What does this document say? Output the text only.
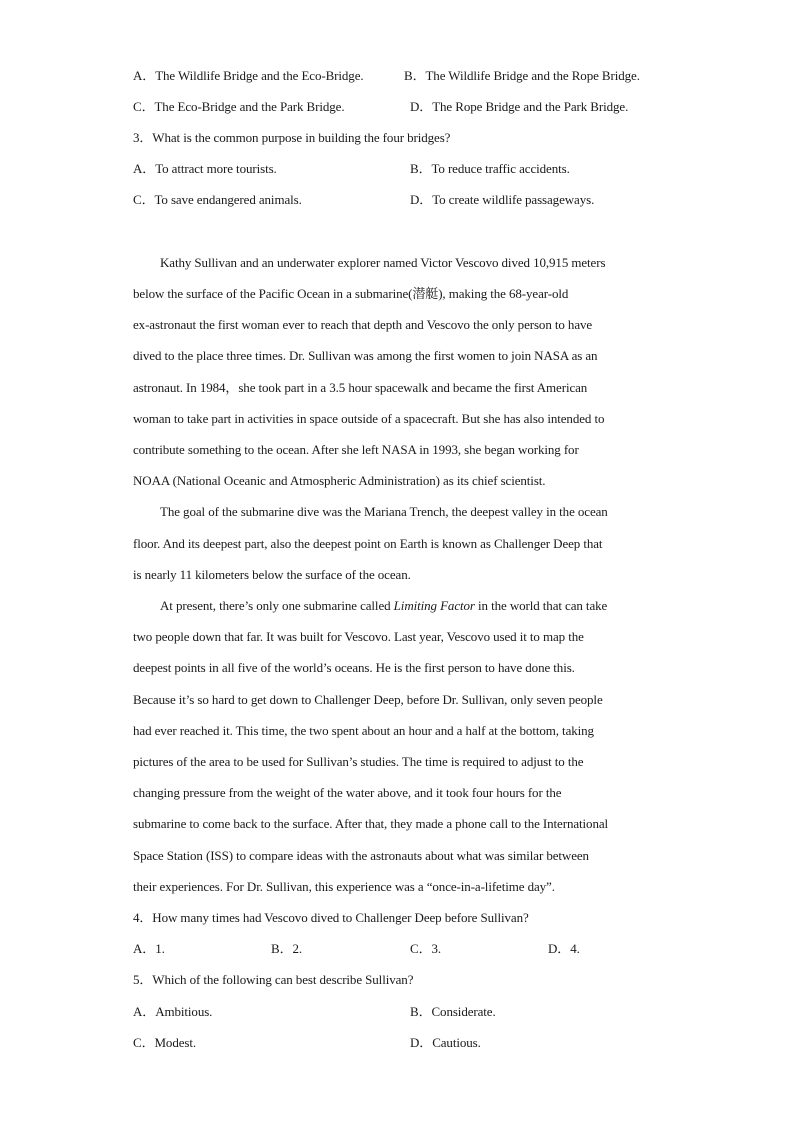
A．The Wildlife Bridge and the Eco-Bridge.	B．The Wildlife Bridge and the Rope Bridge.
C．The Eco-Bridge and the Park Bridge.	D．The Rope Bridge and the Park Bridge.
3．What is the common purpose in building the four bridges?
A．To attract more tourists.	B．To reduce traffic accidents.
C．To save endangered animals.	D．To create wildlife passageways.
Kathy Sullivan and an underwater explorer named Victor Vescovo dived 10,915 meters
below the surface of the Pacific Ocean in a submarine(潜艇), making the 68-year-old
ex-astronaut the first woman ever to reach that depth and Vescovo the only person to have
dived to the place three times. Dr. Sullivan was among the first women to join NASA as an
astronaut. In 1984，she took part in a 3.5 hour spacewalk and became the first American
woman to take part in activities in space outside of a spacecraft. But she has also intended to
contribute something to the ocean. After she left NASA in 1993, she began working for
NOAA (National Oceanic and Atmospheric Administration) as its chief scientist.
The goal of the submarine dive was the Mariana Trench, the deepest valley in the ocean
floor. And its deepest part, also the deepest point on Earth is known as Challenger Deep that
is nearly 11 kilometers below the surface of the ocean.
At present, there’s only one submarine called Limiting Factor in the world that can take
two people down that far. It was built for Vescovo. Last year, Vescovo used it to map the
deepest points in all five of the world’s oceans. He is the first person to have done this.
Because it’s so hard to get down to Challenger Deep, before Dr. Sullivan, only seven people
had ever reached it. This time, the two spent about an hour and a half at the bottom, taking
pictures of the area to be used for Sullivan’s studies. The time is required to adjust to the
changing pressure from the weight of the water above, and it took four hours for the
submarine to come back to the surface. After that, they made a phone call to the International
Space Station (ISS) to compare ideas with the astronauts about what was similar between
their experiences. For Dr. Sullivan, this experience was a “once-in-a-lifetime day”.
4．How many times had Vescovo dived to Challenger Deep before Sullivan?
A．1.	B．2.	C．3.	D．4.
5．Which of the following can best describe Sullivan?
A．Ambitious.	B．Considerate.
C．Modest.	D．Cautious.
